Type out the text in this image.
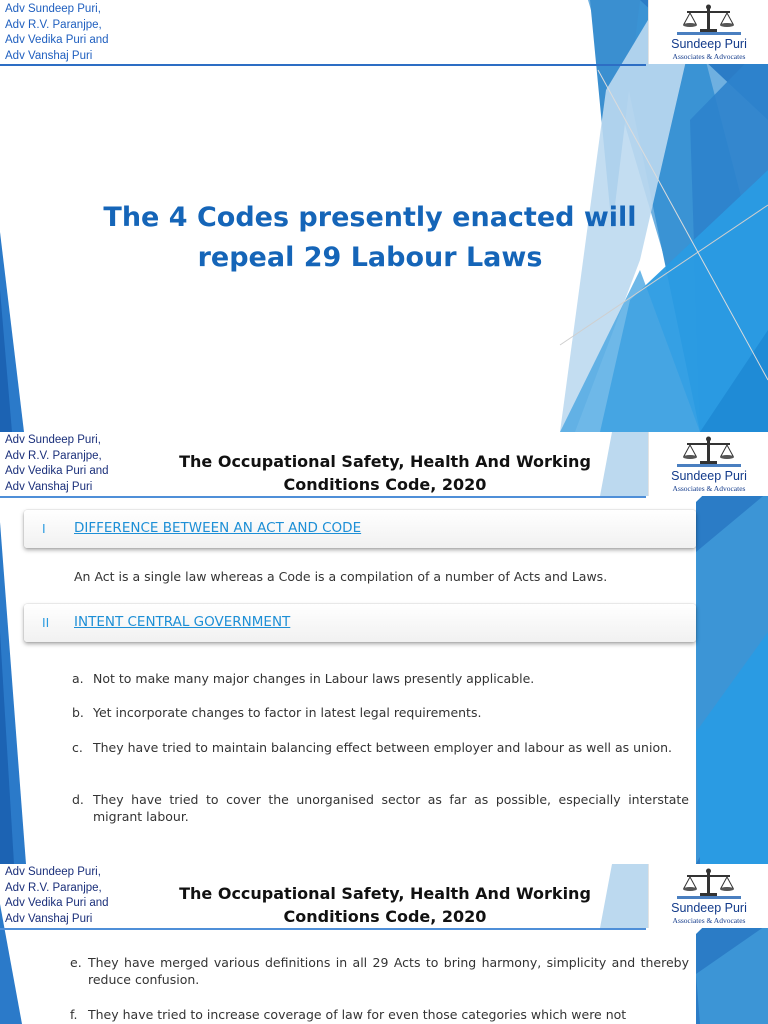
Adv Sundeep Puri,
Adv R.V. Paranjpe,
Adv Vedika Puri and
Adv Vanshaj Puri
Sundeep Puri
Associates & Advocates
The 4 Codes presently enacted will
repeal 29 Labour Laws
Adv Sundeep Puri,
Adv R.V. Paranjpe,
Adv Vedika Puri and
Adv Vanshaj Puri
The Occupational Safety, Health And Working
Conditions Code, 2020	Sundeep Puri
Associates & Advocates
I DIFFERENCE BETWEEN AN ACT AND CODE
An Act is a single law whereas a Code is a compilation of a number of Acts and Laws.
II INTENT CENTRAL GOVERNMENT
a. Not to make many major changes in Labour laws presently applicable.
b. Yet incorporate changes to factor in latest legal requirements.
c. They have tried to maintain balancing effect between employer and labour as well as union.
d. They have tried to cover the unorganised sector as far as possible, especially interstate migrant labour.
Adv Sundeep Puri,
Adv R.V. Paranjpe,
Adv Vedika Puri and
Adv Vanshaj Puri
The Occupational Safety, Health And Working
Conditions Code, 2020	Sundeep Puri
Associates & Advocates
e. They have merged various definitions in all 29 Acts to bring harmony, simplicity and thereby reduce confusion.
f. They have tried to increase coverage of law for even those categories which were not
